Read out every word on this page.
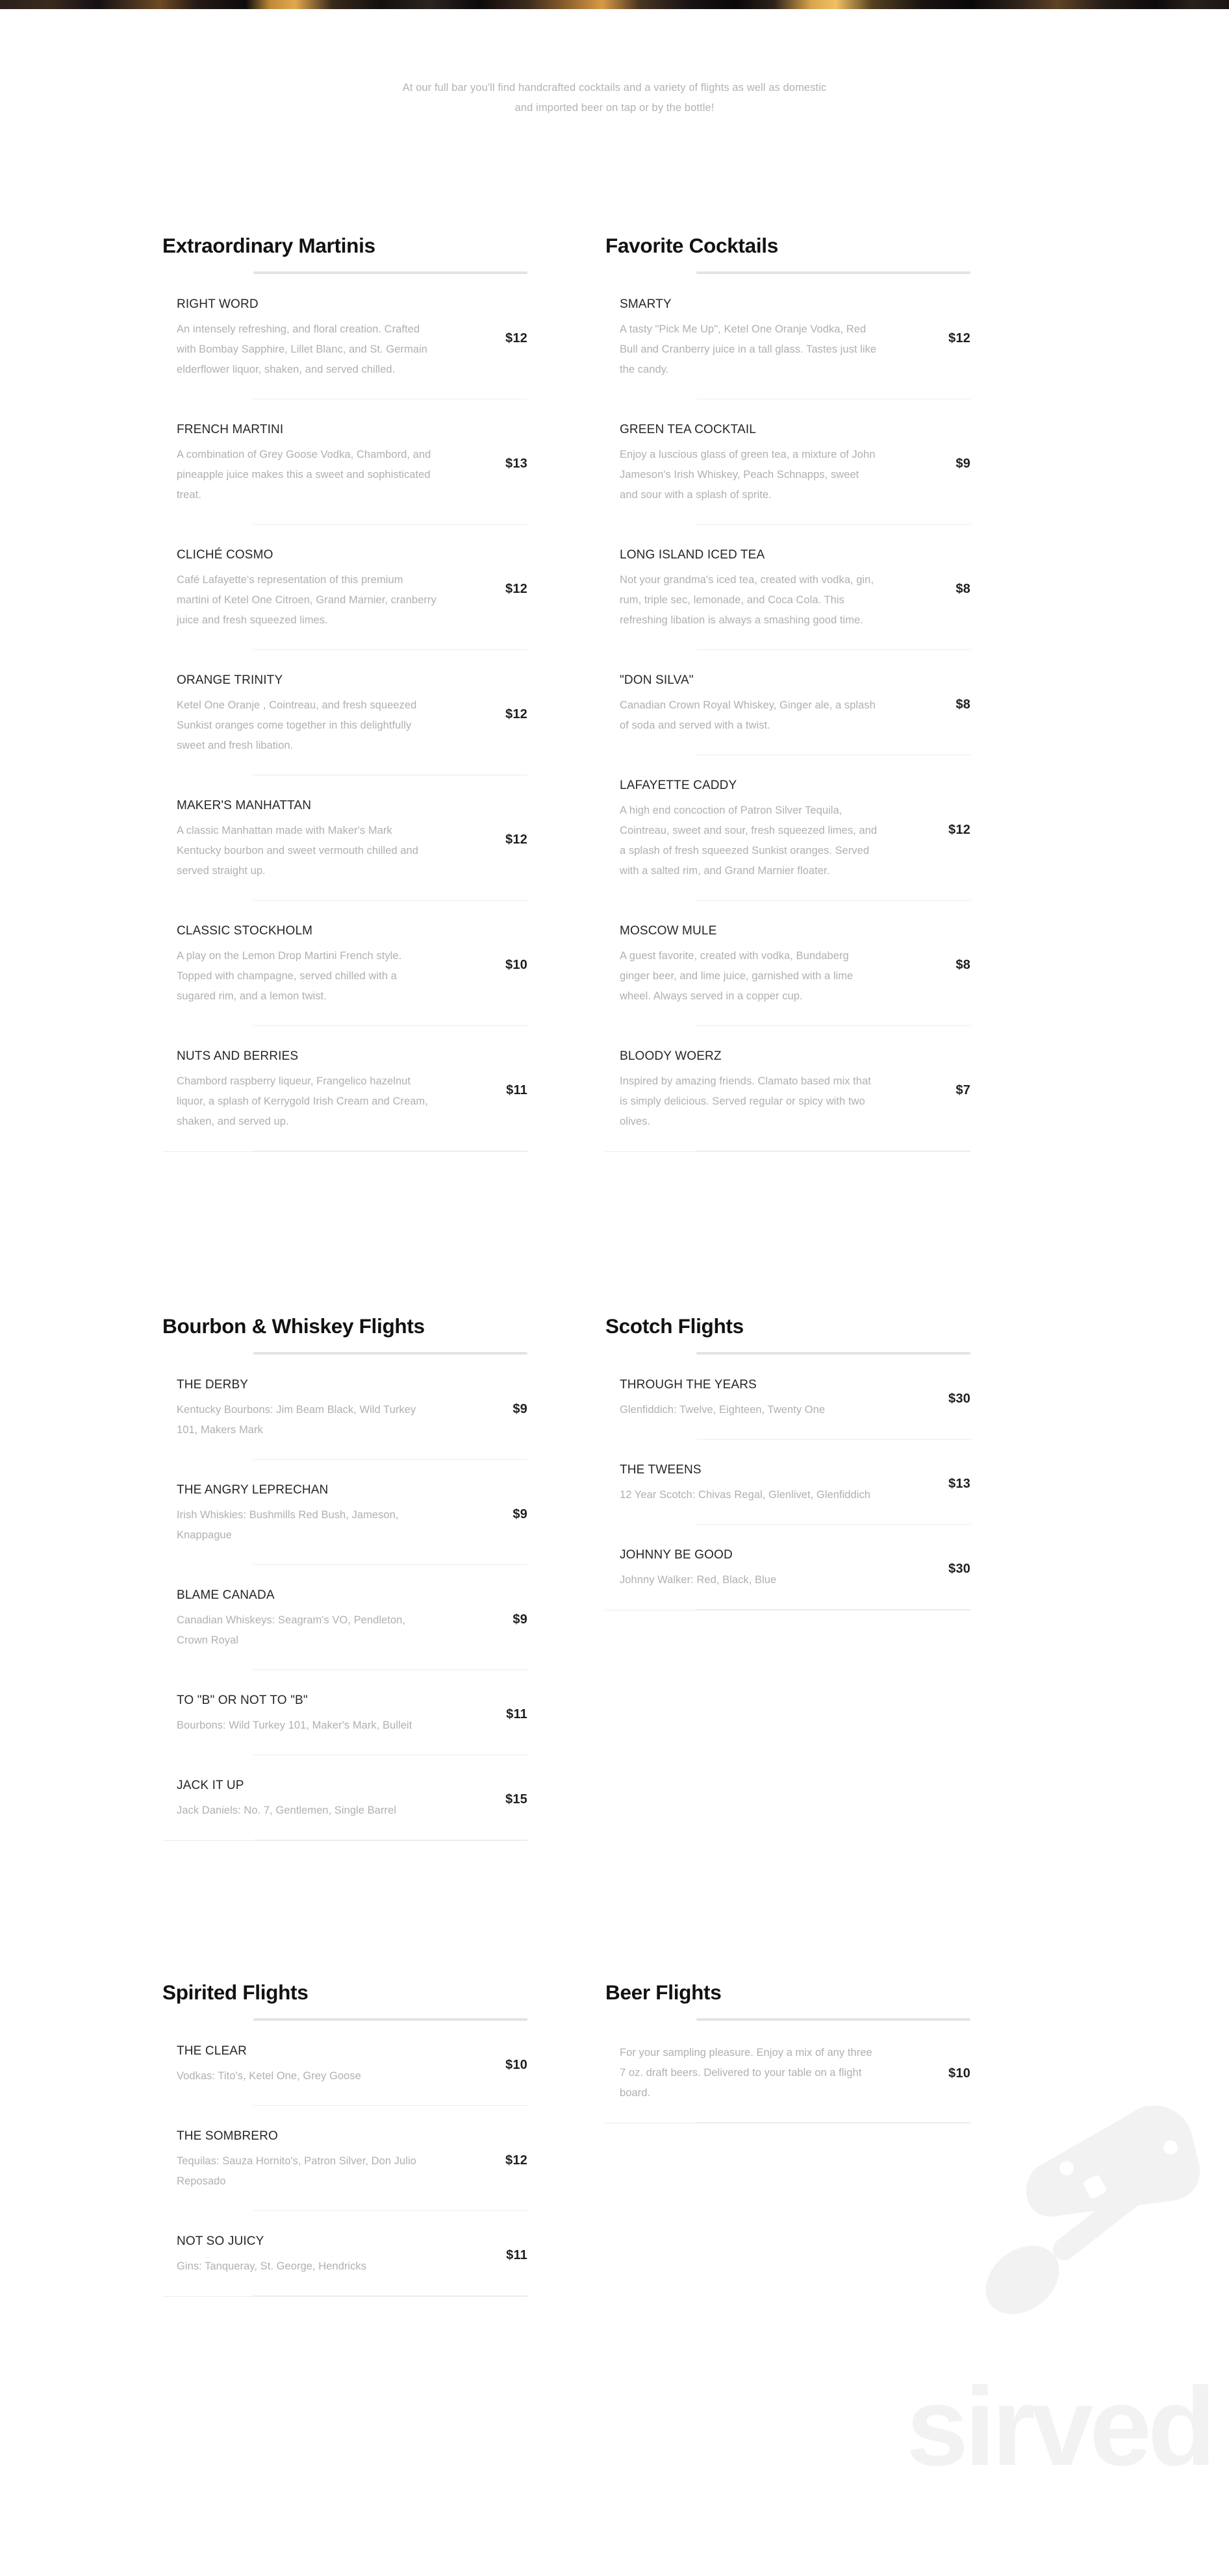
At our full bar you'll find handcrafted cocktails and a variety of flights as well as domestic
and imported beer on tap or by the bottle!
sirved
Extraordinary Martinis
RIGHT WORD
An intensely refreshing, and floral creation. Crafted with Bombay Sapphire, Lillet Blanc, and St. Germain elderflower liquor, shaken, and served chilled.
$12
FRENCH MARTINI
A combination of Grey Goose Vodka, Chambord, and pineapple juice makes this a sweet and sophisticated treat.
$13
CLICHÉ COSMO
Café Lafayette's representation of this premium martini of Ketel One Citroen, Grand Marnier, cranberry juice and fresh squeezed limes.
$12
ORANGE TRINITY
Ketel One Oranje , Cointreau, and fresh squeezed Sunkist oranges come together in this delightfully sweet and fresh libation.
$12
MAKER'S MANHATTAN
A classic Manhattan made with Maker's Mark Kentucky bourbon and sweet vermouth chilled and served straight up.
$12
CLASSIC STOCKHOLM
A play on the Lemon Drop Martini French style. Topped with champagne, served chilled with a sugared rim, and a lemon twist.
$10
NUTS AND BERRIES
Chambord raspberry liqueur, Frangelico hazelnut liquor, a splash of Kerrygold Irish Cream and Cream, shaken, and served up.
$11
Favorite Cocktails
SMARTY
A tasty "Pick Me Up", Ketel One Oranje Vodka, Red Bull and Cranberry juice in a tall glass. Tastes just like the candy.
$12
GREEN TEA COCKTAIL
Enjoy a luscious glass of green tea, a mixture of John Jameson's Irish Whiskey, Peach Schnapps, sweet and sour with a splash of sprite.
$9
LONG ISLAND ICED TEA
Not your grandma's iced tea, created with vodka, gin, rum, triple sec, lemonade, and Coca Cola. This refreshing libation is always a smashing good time.
$8
"DON SILVA"
Canadian Crown Royal Whiskey, Ginger ale, a splash of soda and served with a twist.
$8
LAFAYETTE CADDY
A high end concoction of Patron Silver Tequila, Cointreau, sweet and sour, fresh squeezed limes, and a splash of fresh squeezed Sunkist oranges. Served with a salted rim, and Grand Marnier floater.
$12
MOSCOW MULE
A guest favorite, created with vodka, Bundaberg ginger beer, and lime juice, garnished with a lime wheel. Always served in a copper cup.
$8
BLOODY WOERZ
Inspired by amazing friends. Clamato based mix that is simply delicious. Served regular or spicy with two olives.
$7
Bourbon & Whiskey Flights
THE DERBY
Kentucky Bourbons: Jim Beam Black, Wild Turkey 101, Makers Mark
$9
THE ANGRY LEPRECHAN
Irish Whiskies: Bushmills Red Bush, Jameson, Knappague
$9
BLAME CANADA
Canadian Whiskeys: Seagram's VO, Pendleton, Crown Royal
$9
TO "B" OR NOT TO "B"
Bourbons: Wild Turkey 101, Maker's Mark, Bulleit
$11
JACK IT UP
Jack Daniels: No. 7, Gentlemen, Single Barrel
$15
Scotch Flights
THROUGH THE YEARS
Glenfiddich: Twelve, Eighteen, Twenty One
$30
THE TWEENS
12 Year Scotch: Chivas Regal, Glenlivet, Glenfiddich
$13
JOHNNY BE GOOD
Johnny Walker: Red, Black, Blue
$30
Spirited Flights
THE CLEAR
Vodkas: Tito's, Ketel One, Grey Goose
$10
THE SOMBRERO
Tequilas: Sauza Hornito's, Patron Silver, Don Julio Reposado
$12
NOT SO JUICY
Gins: Tanqueray, St. George, Hendricks
$11
Beer Flights
For your sampling pleasure. Enjoy a mix of any three 7 oz. draft beers. Delivered to your table on a flight board.
$10
